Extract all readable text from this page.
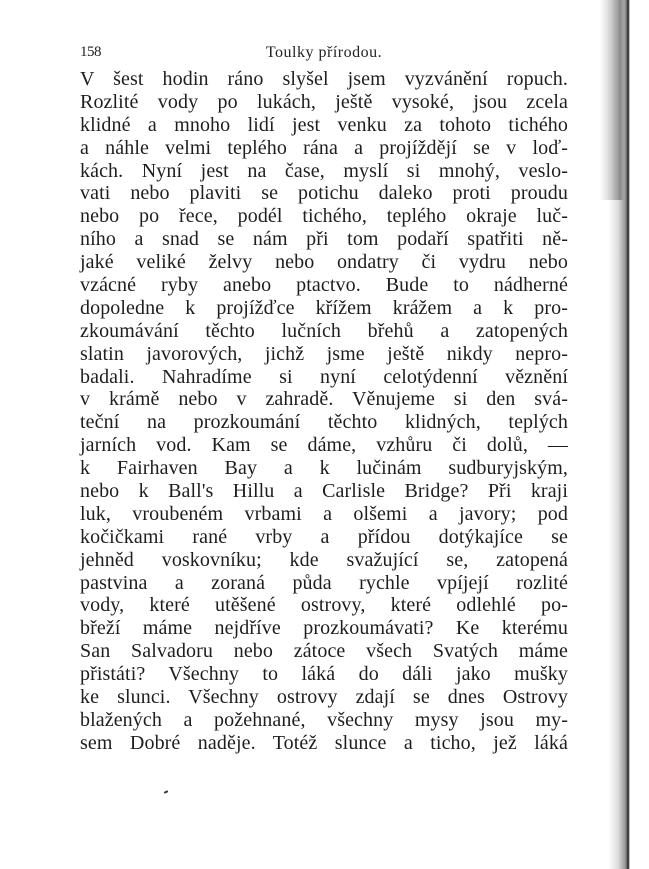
158	Toulky přírodou.
V šest hodin ráno slyšel jsem vyzvánění ropuch.
Rozlité vody po lukách, ještě vysoké, jsou zcela
klidné a mnoho lidí jest venku za tohoto tichého
a náhle velmi teplého rána a projíždějí se v loď-
kách. Nyní jest na čase, myslí si mnohý, veslo-
vati nebo plaviti se potichu daleko proti proudu
nebo po řece, podél tichého, teplého okraje luč-
ního a snad se nám při tom podaří spatřiti ně-
jaké veliké želvy nebo ondatry či vydru nebo
vzácné ryby anebo ptactvo. Bude to nádherné
dopoledne k projížďce křížem krážem a k pro-
zkoumávání těchto lučních břehů a zatopených
slatin javorových, jichž jsme ještě nikdy nepro-
badali. Nahradíme si nyní celotýdenní věznění
v krámě nebo v zahradě. Věnujeme si den svá-
teční na prozkoumání těchto klidných, teplých
jarních vod. Kam se dáme, vzhůru či dolů, —
k Fairhaven Bay a k lučinám sudburyjským,
nebo k Ball's Hillu a Carlisle Bridge? Při kraji
luk, vroubeném vrbami a olšemi a javory; pod
kočičkami rané vrby a přídou dotýkajíce se
jehněd voskovníku; kde svažující se, zatopená
pastvina a zoraná půda rychle vpíjejí rozlité
vody, které utěšené ostrovy, které odlehlé po-
břeží máme nejdříve prozkoumávati? Ke kterému
San Salvadoru nebo zátoce všech Svatých máme
přistáti? Všechny to láká do dáli jako mušky
ke slunci. Všechny ostrovy zdají se dnes Ostrovy
blažených a požehnané, všechny mysy jsou my-
sem Dobré naděje. Totéž slunce a ticho, jež láká
